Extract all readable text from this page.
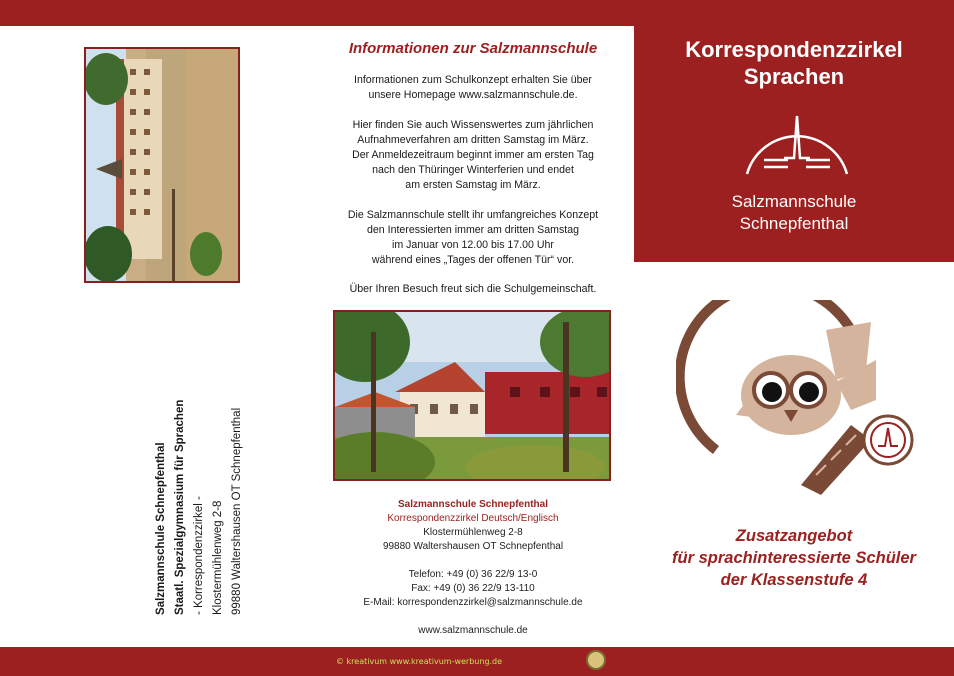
Salzmannschule Schnepfenthal Staatl. Spezialgymnasium für Sprachen - Korrespondenzzirkel - Klostermühlenweg 2-8 99880 Waltershausen OT Schnepfenthal
Informationen zur Salzmannschule
Informationen zum Schulkonzept erhalten Sie über unsere Homepage www.salzmannschule.de.
Hier finden Sie auch Wissenswertes zum jährlichen
Aufnahmeverfahren am dritten Samstag im März.
Der Anmeldezeitraum beginnt immer am ersten Tag
nach den Thüringer Winterferien und endet
am ersten Samstag im März.
Die Salzmannschule stellt ihr umfangreiches Konzept
den Interessierten immer am dritten Samstag
im Januar von 12.00 bis 17.00 Uhr
während eines „Tages der offenen Tür“ vor.
Über Ihren Besuch freut sich die Schulgemeinschaft.
Salzmannschule Schnepfenthal
Korrespondenzzirkel Deutsch/Englisch
Klostermühlenweg 2-8
99880 Waltershausen OT Schnepfenthal
Telefon: +49 (0) 36 22/9 13-0
Fax: +49 (0) 36 22/9 13-110
E-Mail: korrespondenzzirkel@salzmannschule.de
www.salzmannschule.de
Korrespondenzzirkel
Sprachen
Salzmannschule
Schnepfenthal
Zusatzangebot
für sprachinteressierte Schüler
der Klassenstufe 4
© kreativum www.kreativum-werbung.de
